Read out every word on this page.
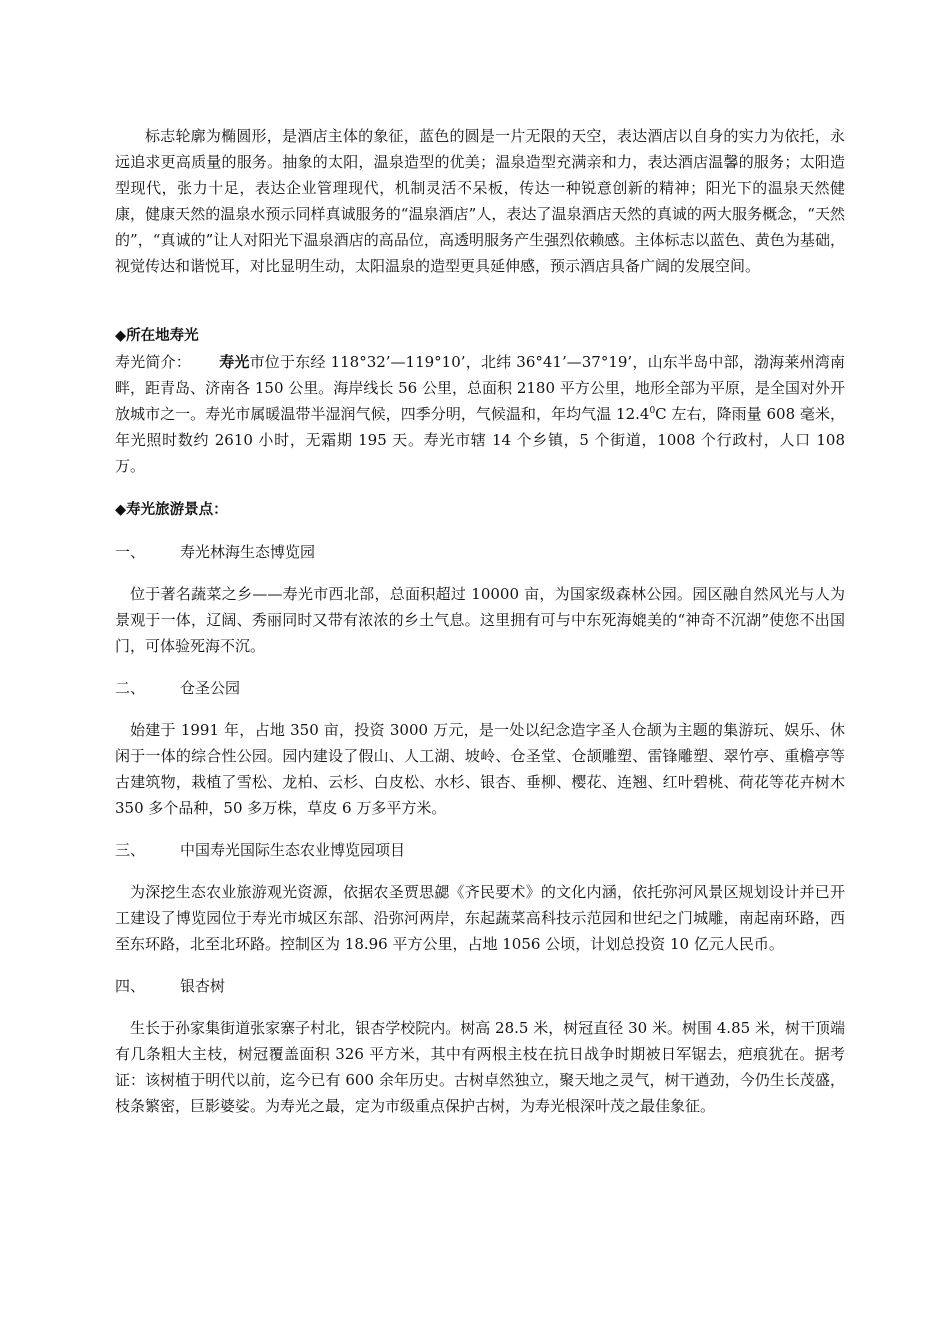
标志轮廓为椭圆形，是酒店主体的象征，蓝色的圆是一片无限的天空，表达酒店以自身的实力为依托，永远追求更高质量的服务。抽象的太阳，温泉造型的优美；温泉造型充满亲和力，表达酒店温馨的服务；太阳造型现代，张力十足，表达企业管理现代，机制灵活不呆板，传达一种锐意创新的精神；阳光下的温泉天然健康，健康天然的温泉水预示同样真诚服务的“温泉酒店”人，表达了温泉酒店天然的真诚的两大服务概念，“天然的”，“真诚的”让人对阳光下温泉酒店的高品位，高透明服务产生强烈依赖感。主体标志以蓝色、黄色为基础，视觉传达和谐悦耳，对比显明生动，太阳温泉的造型更具延伸感，预示酒店具备广阔的发展空间。

◆所在地寿光

寿光简介： 寿光市位于东经 118°32’—119°10’，北纬 36°41’—37°19’，山东半岛中部，渤海莱州湾南畔，距青岛、济南各 150 公里。海岸线长 56 公里，总面积 2180 平方公里，地形全部为平原，是全国对外开放城市之一。寿光市属暖温带半湿润气候，四季分明，气候温和，年均气温 12.4$^0$C 左右，降雨量 608 毫米，年光照时数约 2610 小时，无霜期 195 天。寿光市辖 14 个乡镇，5 个街道，1008 个行政村，人口 108 万。

◆寿光旅游景点：

一、	寿光林海生态博览园

位于著名蔬菜之乡——寿光市西北部，总面积超过 10000 亩，为国家级森林公园。园区融自然风光与人为景观于一体，辽阔、秀丽同时又带有浓浓的乡土气息。这里拥有可与中东死海媲美的“神奇不沉湖”使您不出国门，可体验死海不沉。

二、	仓圣公园

始建于 1991 年，占地 350 亩，投资 3000 万元，是一处以纪念造字圣人仓颉为主题的集游玩、娱乐、休闲于一体的综合性公园。园内建设了假山、人工湖、坡岭、仓圣堂、仓颉雕塑、雷锋雕塑、翠竹亭、重檐亭等古建筑物，栽植了雪松、龙柏、云杉、白皮松、水杉、银杏、垂柳、樱花、连翘、红叶碧桃、荷花等花卉树木 350 多个品种，50 多万株，草皮 6 万多平方米。

三、	中国寿光国际生态农业博览园项目

为深挖生态农业旅游观光资源，依据农圣贾思勰《齐民要术》的文化内涵，依托弥河风景区规划设计并已开工建设了博览园位于寿光市城区东部、沿弥河两岸，东起蔬菜高科技示范园和世纪之门城雕，南起南环路，西至东环路，北至北环路。控制区为 18.96 平方公里，占地 1056 公顷，计划总投资 10 亿元人民币。

四、	银杏树

生长于孙家集街道张家寨子村北，银杏学校院内。树高 28.5 米，树冠直径 30 米。树围 4.85 米，树干顶端有几条粗大主枝，树冠覆盖面积 326 平方米，其中有两根主枝在抗日战争时期被日军锯去，疤痕犹在。据考证：该树植于明代以前，迄今已有 600 余年历史。古树卓然独立，聚天地之灵气，树干遒劲，今仍生长茂盛，枝条繁密，巨影婆娑。为寿光之最，定为市级重点保护古树，为寿光根深叶茂之最佳象征。
